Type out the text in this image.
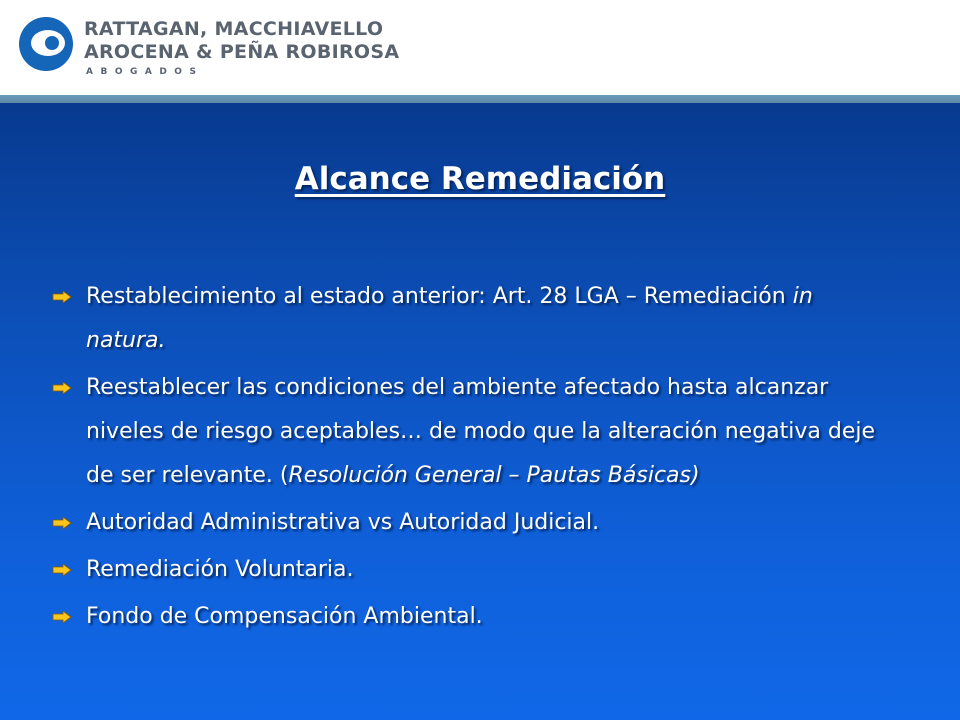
RATTAGAN, MACCHIAVELLO
AROCENA & PEÑA ROBIROSA
ABOGADOS
Alcance Remediación
Restablecimiento al estado anterior: Art. 28 LGA – Remediación in natura.
Reestablecer las condiciones del ambiente afectado hasta alcanzar niveles de riesgo aceptables… de modo que la alteración negativa deje de ser relevante. (Resolución General – Pautas Básicas)
Autoridad Administrativa vs Autoridad Judicial.
Remediación Voluntaria.
Fondo de Compensación Ambiental.
